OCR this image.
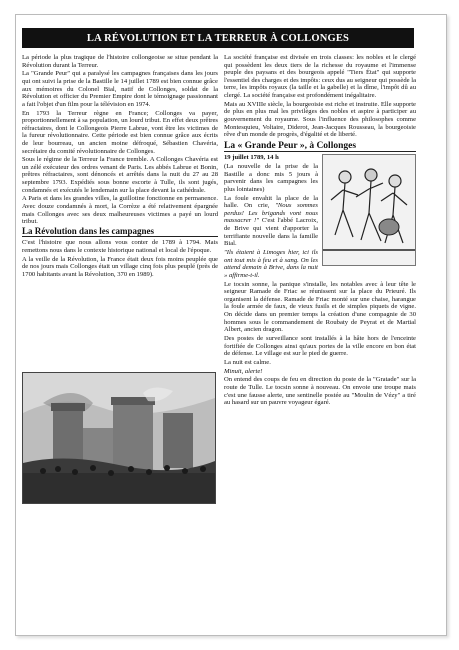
LA RÉVOLUTION ET LA TERREUR À COLLONGES

La période la plus tragique de l'histoire collongeoise se situe pendant la Révolution durant la Terreur.

La "Grande Peur" qui a paralysé les campagnes françaises dans les jours qui ont suivi la prise de la Bastille le 14 juillet 1789 est bien connue grâce aux mémoires du Colonel Bial, natif de Collonges, soldat de la Révolution et officier du Premier Empire dont le témoignage passionnant a fait l'objet d'un film pour la télévision en 1974.

En 1793 la Terreur règne en France; Collonges va payer, proportionnellement à sa population, un lourd tribut. En effet deux prêtres réfractaires, dont le Collongeois Pierre Labrue, vont être les victimes de la fureur révolutionnaire. Cette période est bien connue grâce aux écrits de leur bourreau, un ancien moine défroqué, Sébastien Chavéria, secrétaire du comité révolutionnaire de Collonges.

Sous le régime de la Terreur la France tremble. A Collonges Chavéria est un zélé exécuteur des ordres venant de Paris. Les abbés Labrue et Bonin, prêtres réfractaires, sont dénoncés et arrêtés dans la nuit du 27 au 28 septembre 1793. Expédiés sous bonne escorte à Tulle, ils sont jugés, condamnés et exécutés le lendemain sur la place devant la cathédrale.

A Paris et dans les grandes villes, la guillotine fonctionne en permanence. Avec douze condamnés à mort, la Corrèze a été relativement épargnée mais Collonges avec ses deux malheureuses victimes a payé un lourd tribut.

La Révolution dans les campagnes

C'est l'histoire que nous allons vous conter de 1789 à 1794. Mais remettons nous dans le contexte historique national et local de l'époque.

A la veille de la Révolution, la France était deux fois moins peuplée que de nos jours mais Collonges était un village cinq fois plus peuplé (près de 1700 habitants avant la Révolution, 370 en 1989).

La société française est divisée en trois classes: les nobles et le clergé qui possèdent les deux tiers de la richesse du royaume et l'immense peuple des paysans et des bourgeois appelé "Tiers État" qui supporte l'essentiel des charges et des impôts: ceux dus au seigneur qui possède la terre, les impôts royaux (la taille et la gabelle) et la dîme, l'impôt dû au clergé. La société française est profondément inégalitaire.

Mais au XVIIIe siècle, la bourgeoisie est riche et instruite. Elle supporte de plus en plus mal les privilèges des nobles et aspire à participer au gouvernement du royaume. Sous l'influence des philosophes comme Montesquieu, Voltaire, Diderot, Jean-Jacques Rousseau, la bourgeoisie rêve d'un monde de progrès, d'égalité et de liberté.

La « Grande Peur », à Collonges

19 juillet 1789, 14 h

(La nouvelle de la prise de la Bastille a donc mis 5 jours à parvenir dans les campagnes les plus lointaines)

La foule envahit la place de la halle. On crie, "Nous sommes perdus! Les brigands vont nous massacrer !" C'est l'abbé Lacroix, de Brive qui vient d'apporter la terrifiante nouvelle dans la famille Bial.

"Ils étaient à Limoges hier, ici ils ont tout mis à feu et à sang. On les attend demain à Brive, dans la nuit » affirme-t-il.

Le tocsin sonne, la panique s'installe, les notables avec à leur tête le seigneur Ramade de Friac se réunissent sur la place du Prieuré. Ils organisent la défense. Ramade de Friac monté sur une chaise, harangue la foule armée de faux, de vieux fusils et de simples piquets de vigne. On décide dans un premier temps la création d'une compagnie de 30 hommes sous le commandement de Roubaty de Peyrat et de Martial Albert, ancien dragon.

Des postes de surveillance sont installés à la hâte hors de l'enceinte fortifiée de Collonges ainsi qu'aux portes de la ville encore en bon état de défense. Le village est sur le pied de guerre.

La nuit est calme.

Minuit, alerte!

On entend des coups de feu en direction du poste de la "Gratade" sur la route de Tulle. Le tocsin sonne à nouveau. On envoie une troupe mais c'est une fausse alerte, une sentinelle postée au "Moulin de Vézy" a tiré au hasard sur un pauvre voyageur égaré.
